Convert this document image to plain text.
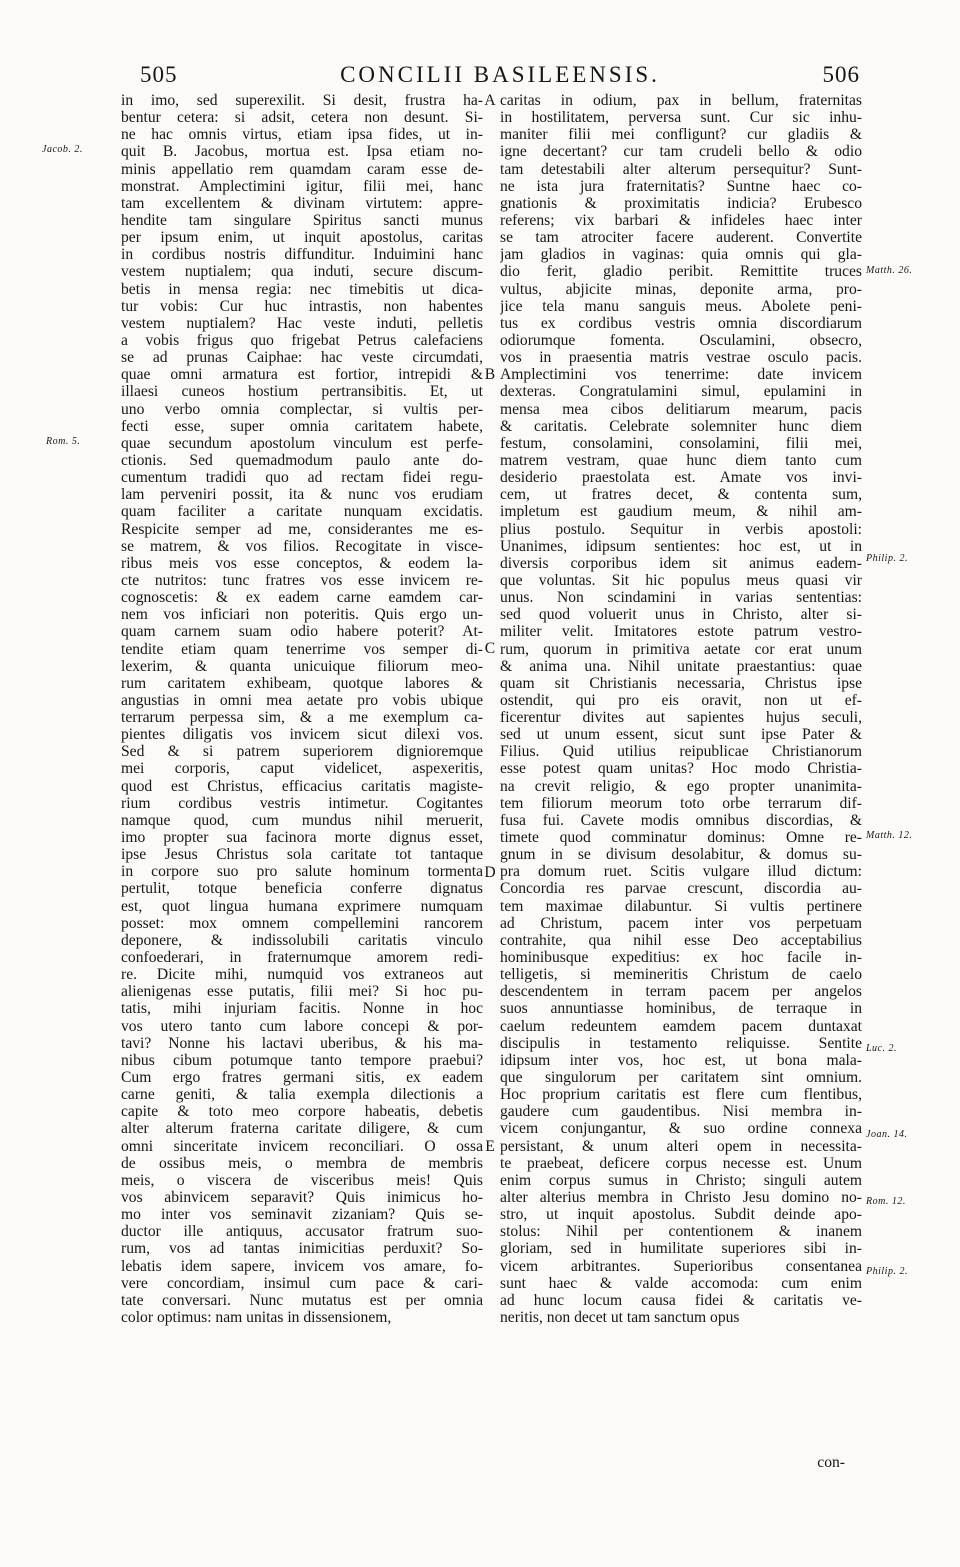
505	CONCILII BASILEENSIS.	506
in imo, sed superexilit. Si desit, frustra ha-
bentur cetera: si adsit, cetera non desunt. Si-
ne hac omnis virtus, etiam ipsa fides, ut in-
quit B. Jacobus, mortua est. Ipsa etiam no-
minis appellatio rem quamdam caram esse de-
monstrat. Amplectimini igitur, filii mei, hanc
tam excellentem & divinam virtutem: appre-
hendite tam singulare Spiritus sancti munus
per ipsum enim, ut inquit apostolus, caritas
in cordibus nostris diffunditur. Induimini hanc
vestem nuptialem; qua induti, secure discum-
betis in mensa regia: nec timebitis ut dica-
tur vobis: Cur huc intrastis, non habentes
vestem nuptialem? Hac veste induti, pelletis
a vobis frigus quo frigebat Petrus calefaciens
se ad prunas Caiphae: hac veste circumdati,
quae omni armatura est fortior, intrepidi &
illaesi cuneos hostium pertransibitis. Et, ut
uno verbo omnia complectar, si vultis per-
fecti esse, super omnia caritatem habete,
quae secundum apostolum vinculum est perfe-
ctionis. Sed quemadmodum paulo ante do-
cumentum tradidi quo ad rectam fidei regu-
lam perveniri possit, ita & nunc vos erudiam
quam faciliter a caritate nunquam excidatis.
Respicite semper ad me, considerantes me es-
se matrem, & vos filios. Recogitate in visce-
ribus meis vos esse conceptos, & eodem la-
cte nutritos: tunc fratres vos esse invicem re-
cognoscetis: & ex eadem carne eamdem car-
nem vos inficiari non poteritis. Quis ergo un-
quam carnem suam odio habere poterit? At-
tendite etiam quam tenerrime vos semper di-
lexerim, & quanta unicuique filiorum meo-
rum caritatem exhibeam, quotque labores &
angustias in omni mea aetate pro vobis ubique
terrarum perpessa sim, & a me exemplum ca-
pientes diligatis vos invicem sicut dilexi vos.
Sed & si patrem superiorem dignioremque
mei corporis, caput videlicet, aspexeritis,
quod est Christus, efficacius caritatis magiste-
rium cordibus vestris intimetur. Cogitantes
namque quod, cum mundus nihil meruerit,
imo propter sua facinora morte dignus esset,
ipse Jesus Christus sola caritate tot tantaque
in corpore suo pro salute hominum tormenta
pertulit, totque beneficia conferre dignatus
est, quot lingua humana exprimere numquam
posset: mox omnem compellemini rancorem
deponere, & indissolubili caritatis vinculo
confoederari, in fraternumque amorem redi-
re. Dicite mihi, numquid vos extraneos aut
alienigenas esse putatis, filii mei? Si hoc pu-
tatis, mihi injuriam facitis. Nonne in hoc
vos utero tanto cum labore concepi & por-
tavi? Nonne his lactavi uberibus, & his ma-
nibus cibum potumque tanto tempore praebui?
Cum ergo fratres germani sitis, ex eadem
carne geniti, & talia exempla dilectionis a
capite & toto meo corpore habeatis, debetis
alter alterum fraterna caritate diligere, & cum
omni sinceritate invicem reconciliari. O ossa
de ossibus meis, o membra de membris
meis, o viscera de visceribus meis! Quis
vos abinvicem separavit? Quis inimicus ho-
mo inter vos seminavit zizaniam? Quis se-
ductor ille antiquus, accusator fratrum suo-
rum, vos ad tantas inimicitias perduxit? So-
lebatis idem sapere, invicem vos amare, fo-
vere concordiam, insimul cum pace & cari-
tate conversari. Nunc mutatus est per omnia
color optimus: nam unitas in dissensionem,
caritas in odium, pax in bellum, fraternitas
in hostilitatem, perversa sunt. Cur sic inhu-
maniter filii mei confligunt? cur gladiis &
igne decertant? cur tam crudeli bello & odio
tam detestabili alter alterum persequitur? Sunt-
ne ista jura fraternitatis? Suntne haec co-
gnationis & proximitatis indicia? Erubesco
referens; vix barbari & infideles haec inter
se tam atrociter facere auderent. Convertite
jam gladios in vaginas: quia omnis qui gla-
dio ferit, gladio peribit. Remittite truces
vultus, abjicite minas, deponite arma, pro-
jice tela manu sanguis meus. Abolete peni-
tus ex cordibus vestris omnia discordiarum
odiorumque fomenta. Osculamini, obsecro,
vos in praesentia matris vestrae osculo pacis.
Amplectimini vos tenerrime: date invicem
dexteras. Congratulamini simul, epulamini in
mensa mea cibos delitiarum mearum, pacis
& caritatis. Celebrate solemniter hunc diem
festum, consolamini, consolamini, filii mei,
matrem vestram, quae hunc diem tanto cum
desiderio praestolata est. Amate vos invi-
cem, ut fratres decet, & contenta sum,
impletum est gaudium meum, & nihil am-
plius postulo. Sequitur in verbis apostoli:
Unanimes, idipsum sentientes: hoc est, ut in
diversis corporibus idem sit animus eadem-
que voluntas. Sit hic populus meus quasi vir
unus. Non scindamini in varias sententias:
sed quod voluerit unus in Christo, alter si-
militer velit. Imitatores estote patrum vestro-
rum, quorum in primitiva aetate cor erat unum
& anima una. Nihil unitate praestantius: quae
quam sit Christianis necessaria, Christus ipse
ostendit, qui pro eis oravit, non ut ef-
ficerentur divites aut sapientes hujus seculi,
sed ut unum essent, sicut sunt ipse Pater &
Filius. Quid utilius reipublicae Christianorum
esse potest quam unitas? Hoc modo Christia-
na crevit religio, & ego propter unanimita-
tem filiorum meorum toto orbe terrarum dif-
fusa fui. Cavete modis omnibus discordias, &
timete quod comminatur dominus: Omne re-
gnum in se divisum desolabitur, & domus su-
pra domum ruet. Scitis vulgare illud dictum:
Concordia res parvae crescunt, discordia au-
tem maximae dilabuntur. Si vultis pertinere
ad Christum, pacem inter vos perpetuam
contrahite, qua nihil esse Deo acceptabilius
hominibusque expeditius: ex hoc facile in-
telligetis, si memineritis Christum de caelo
descendentem in terram pacem per angelos
suos annuntiasse hominibus, de terraque in
caelum redeuntem eamdem pacem duntaxat
discipulis in testamento reliquisse. Sentite
idipsum inter vos, hoc est, ut bona mala-
que singulorum per caritatem sint omnium.
Hoc proprium caritatis est flere cum flentibus,
gaudere cum gaudentibus. Nisi membra in-
vicem conjungantur, & suo ordine connexa
persistant, & unum alteri opem in necessita-
te praebeat, deficere corpus necesse est. Unum
enim corpus sumus in Christo; singuli autem
alter alterius membra in Christo Jesu domino no-
stro, ut inquit apostolus. Subdit deinde apo-
stolus: Nihil per contentionem & inanem
gloriam, sed in humilitate superiores sibi in-
vicem arbitrantes. Superioribus consentanea
sunt haec & valde accomoda: cum enim
ad hunc locum causa fidei & caritatis ve-
neritis, non decet ut tam sanctum opus
A
B
C
D
E
Jacob. 2.
Rom. 5.
Matth. 26.
Philip. 2.
Matth. 12.
Luc. 2.
Joan. 14.
Rom. 12.
Philip. 2.
con-
